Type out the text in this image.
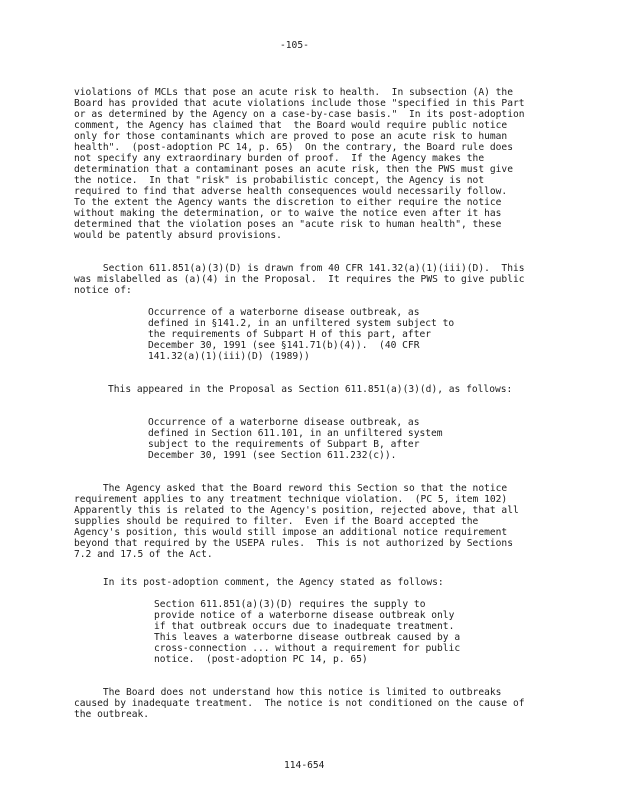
-105-
violations of MCLs that pose an acute risk to health.  In subsection (A) the
Board has provided that acute violations include those "specified in this Part
or as determined by the Agency on a case-by-case basis."  In its post-adoption
comment, the Agency has claimed that  the Board would require public notice
only for those contaminants which are proved to pose an acute risk to human
health".  (post-adoption PC 14, p. 65)  On the contrary, the Board rule does
not specify any extraordinary burden of proof.  If the Agency makes the
determination that a contaminant poses an acute risk, then the PWS must give
the notice.  In that "risk" is probabilistic concept, the Agency is not
required to find that adverse health consequences would necessarily follow.
To the extent the Agency wants the discretion to either require the notice
without making the determination, or to waive the notice even after it has
determined that the violation poses an "acute risk to human health", these
would be patently absurd provisions.
Section 611.851(a)(3)(D) is drawn from 40 CFR 141.32(a)(1)(iii)(D).  This
was mislabelled as (a)(4) in the Proposal.  It requires the PWS to give public
notice of:
Occurrence of a waterborne disease outbreak, as
defined in §141.2, in an unfiltered system subject to
the requirements of Subpart H of this part, after
December 30, 1991 (see §141.71(b)(4)).  (40 CFR
141.32(a)(1)(iii)(D) (1989))
This appeared in the Proposal as Section 611.851(a)(3)(d), as follows:
Occurrence of a waterborne disease outbreak, as
defined in Section 611.101, in an unfiltered system
subject to the requirements of Subpart B, after
December 30, 1991 (see Section 611.232(c)).
The Agency asked that the Board reword this Section so that the notice
requirement applies to any treatment technique violation.  (PC 5, item 102)
Apparently this is related to the Agency's position, rejected above, that all
supplies should be required to filter.  Even if the Board accepted the
Agency's position, this would still impose an additional notice requirement
beyond that required by the USEPA rules.  This is not authorized by Sections
7.2 and 17.5 of the Act.
In its post-adoption comment, the Agency stated as follows:
Section 611.851(a)(3)(D) requires the supply to
provide notice of a waterborne disease outbreak only
if that outbreak occurs due to inadequate treatment.
This leaves a waterborne disease outbreak caused by a
cross-connection ... without a requirement for public
notice.  (post-adoption PC 14, p. 65)
The Board does not understand how this notice is limited to outbreaks
caused by inadequate treatment.  The notice is not conditioned on the cause of
the outbreak.
114-654
